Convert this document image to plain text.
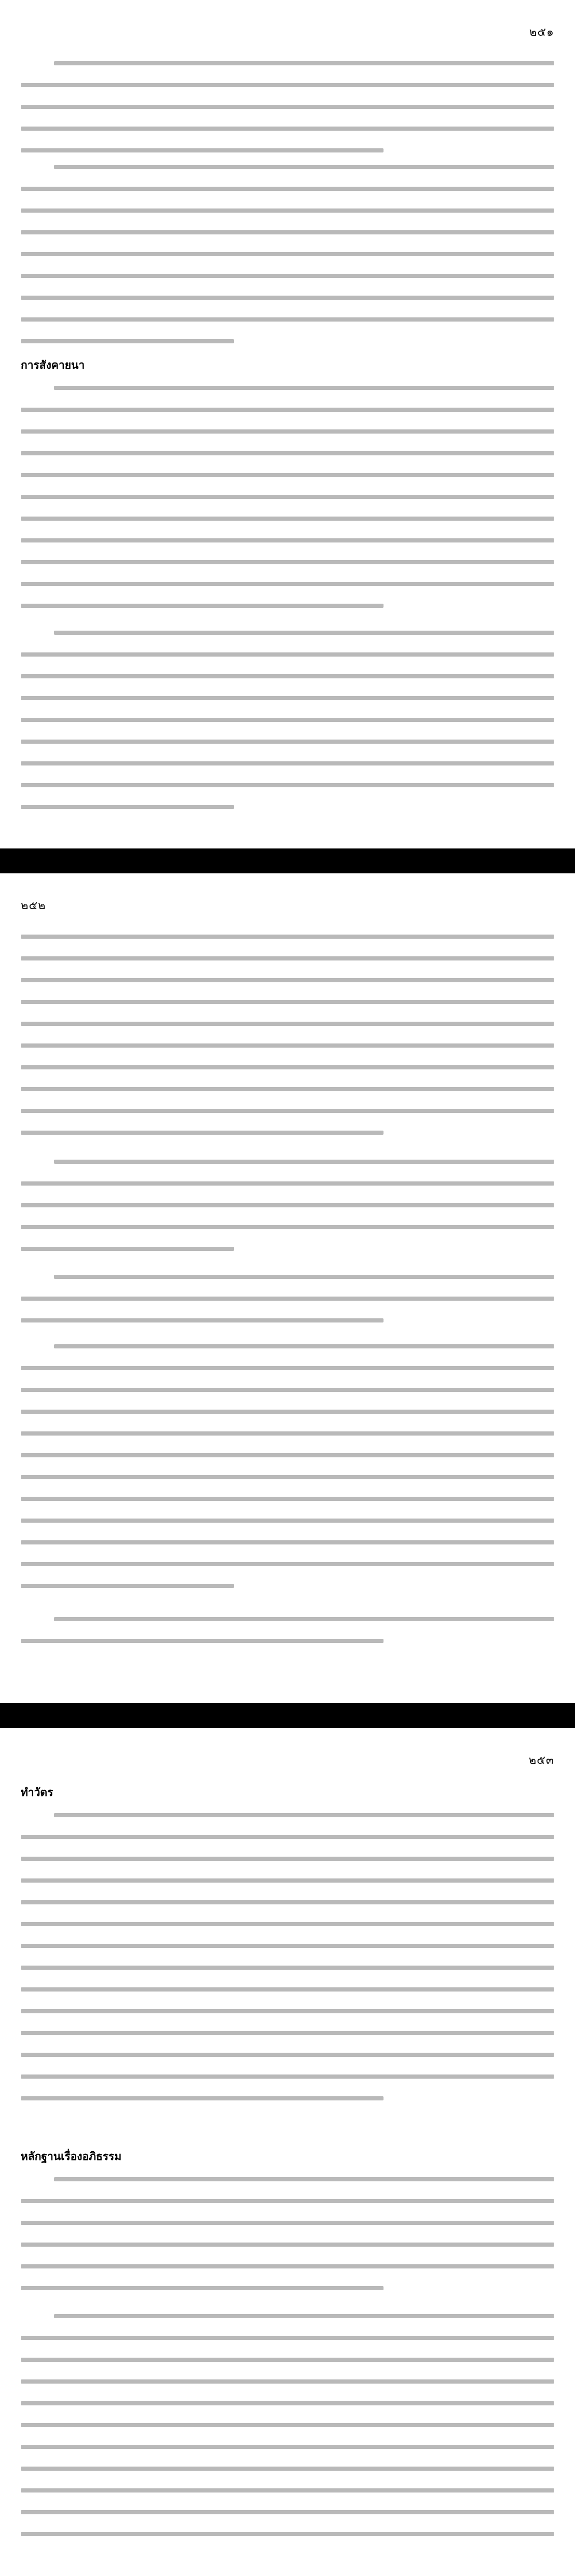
๒๕๑
การสังคายนา
๒๕๒
๒๕๓
ทำวัตร
หลักฐานเรื่องอภิธรรม
